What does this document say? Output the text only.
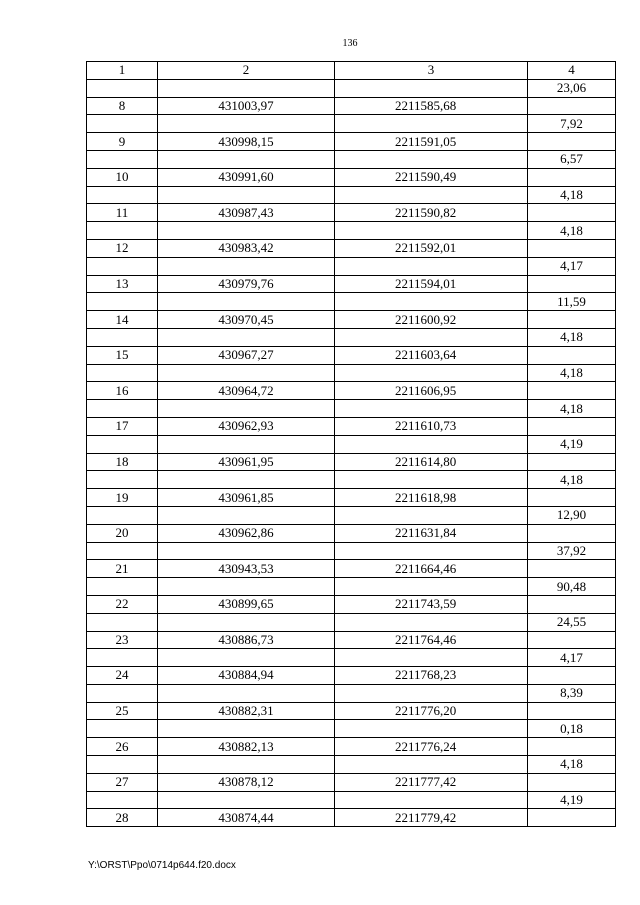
136
1	2	3	4
			23,06
8	431003,97	2211585,68	
			7,92
9	430998,15	2211591,05	
			6,57
10	430991,60	2211590,49	
			4,18
11	430987,43	2211590,82	
			4,18
12	430983,42	2211592,01	
			4,17
13	430979,76	2211594,01	
			11,59
14	430970,45	2211600,92	
			4,18
15	430967,27	2211603,64	
			4,18
16	430964,72	2211606,95	
			4,18
17	430962,93	2211610,73	
			4,19
18	430961,95	2211614,80	
			4,18
19	430961,85	2211618,98	
			12,90
20	430962,86	2211631,84	
			37,92
21	430943,53	2211664,46	
			90,48
22	430899,65	2211743,59	
			24,55
23	430886,73	2211764,46	
			4,17
24	430884,94	2211768,23	
			8,39
25	430882,31	2211776,20	
			0,18
26	430882,13	2211776,24	
			4,18
27	430878,12	2211777,42	
			4,19
28	430874,44	2211779,42	
Y:\ORST\Ppo\0714p644.f20.docx
